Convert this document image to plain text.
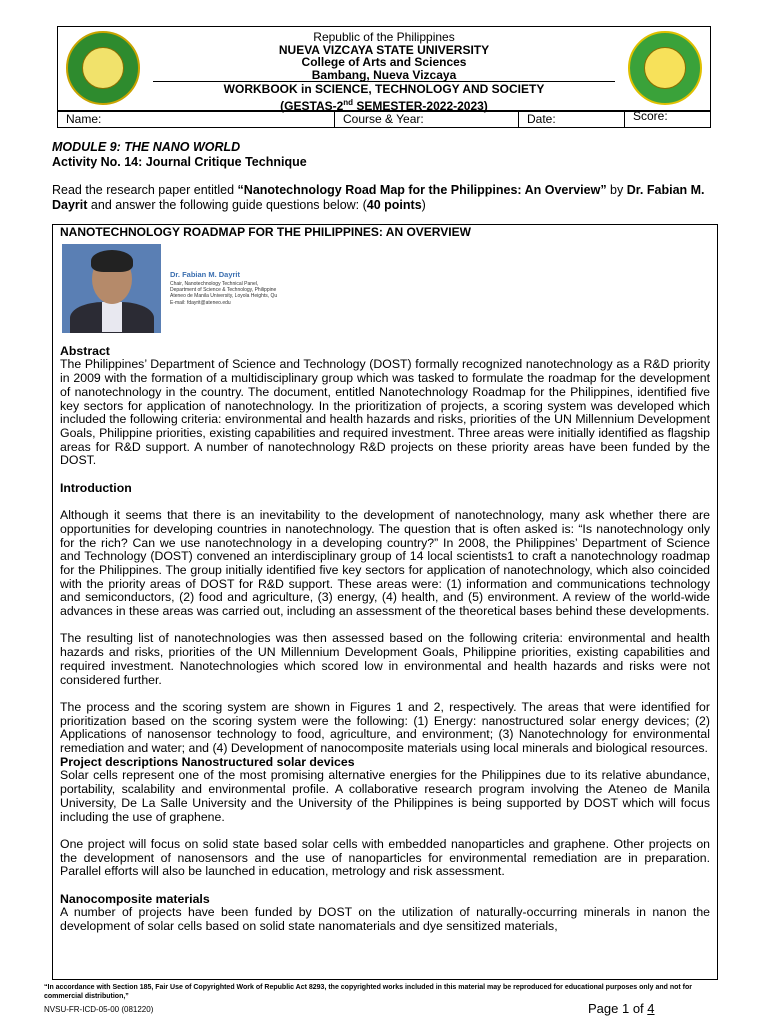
Republic of the Philippines
NUEVA VIZCAYA STATE UNIVERSITY
College of Arts and Sciences
Bambang, Nueva Vizcaya
WORKBOOK in SCIENCE, TECHNOLOGY AND SOCIETY
(GESTAS-2nd SEMESTER-2022-2023)
Name:	Course & Year:	Date:	Score:
MODULE 9: THE NANO WORLD
Activity No. 14: Journal Critique Technique
Read the research paper entitled “Nanotechnology Road Map for the Philippines: An Overview” by Dr. Fabian M. Dayrit and answer the following guide questions below: (40 points)
NANOTECHNOLOGY ROADMAP FOR THE PHILIPPINES: AN OVERVIEW
Dr. Fabian M. Dayrit
Chair, Nanotechnology Technical Panel,
Department of Science & Technology, Philippine
Ateneo de Manila University, Loyola Heights, Qu
E-mail: fdayrit@ateneo.edu

Abstract

The Philippines’ Department of Science and Technology (DOST) formally recognized nanotechnology as a R&D priority in 2009 with the formation of a multidisciplinary group which was tasked to formulate the roadmap for the development of nanotechnology in the country. The document, entitled Nanotechnology Roadmap for the Philippines, identified five key sectors for application of nanotechnology. In the prioritization of projects, a scoring system was developed which included the following criteria: environmental and health hazards and risks, priorities of the UN Millennium Development Goals, Philippine priorities, existing capabilities and required investment. Three areas were initially identified as flagship areas for R&D support. A number of nanotechnology R&D projects on these priority areas have been funded by the DOST.

Introduction

Although it seems that there is an inevitability to the development of nanotechnology, many ask whether there are opportunities for developing countries in nanotechnology. The question that is often asked is: “Is nanotechnology only for the rich? Can we use nanotechnology in a developing country?” In 2008, the Philippines’ Department of Science and Technology (DOST) convened an interdisciplinary group of 14 local scientists1 to craft a nanotechnology roadmap for the Philippines. The group initially identified five key sectors for application of nanotechnology, which also coincided with the priority areas of DOST for R&D support. These areas were: (1) information and communications technology and semiconductors, (2) food and agriculture, (3) energy, (4) health, and (5) environment. A review of the world-wide advances in these areas was carried out, including an assessment of the theoretical bases behind these developments.

The resulting list of nanotechnologies was then assessed based on the following criteria: environmental and health hazards and risks, priorities of the UN Millennium Development Goals, Philippine priorities, existing capabilities and required investment. Nanotechnologies which scored low in environmental and health hazards and risks were not considered further.

The process and the scoring system are shown in Figures 1 and 2, respectively. The areas that were identified for prioritization based on the scoring system were the following: (1) Energy: nanostructured solar energy devices; (2) Applications of nanosensor technology to food, agriculture, and environment; (3) Nanotechnology for environmental remediation and water; and (4) Development of nanocomposite materials using local minerals and biological resources.

Project descriptions Nanostructured solar devices

Solar cells represent one of the most promising alternative energies for the Philippines due to its relative abundance, portability, scalability and environmental profile. A collaborative research program involving the Ateneo de Manila University, De La Salle University and the University of the Philippines is being supported by DOST which will focus including the use of graphene.

One project will focus on solid state based solar cells with embedded nanoparticles and graphene. Other projects on the development of nanosensors and the use of nanoparticles for environmental remediation are in preparation. Parallel efforts will also be launched in education, metrology and risk assessment.

Nanocomposite materials

A number of projects have been funded by DOST on the utilization of naturally-occurring minerals in nanon the development of solar cells based on solid state nanomaterials and dye sensitized materials,

“In accordance with Section 185, Fair Use of Copyrighted Work of Republic Act 8293, the copyrighted works included in this material may be reproduced for educational purposes only and not for commercial distribution,”
NVSU-FR-ICD-05-00 (081220)	Page 1 of 4
